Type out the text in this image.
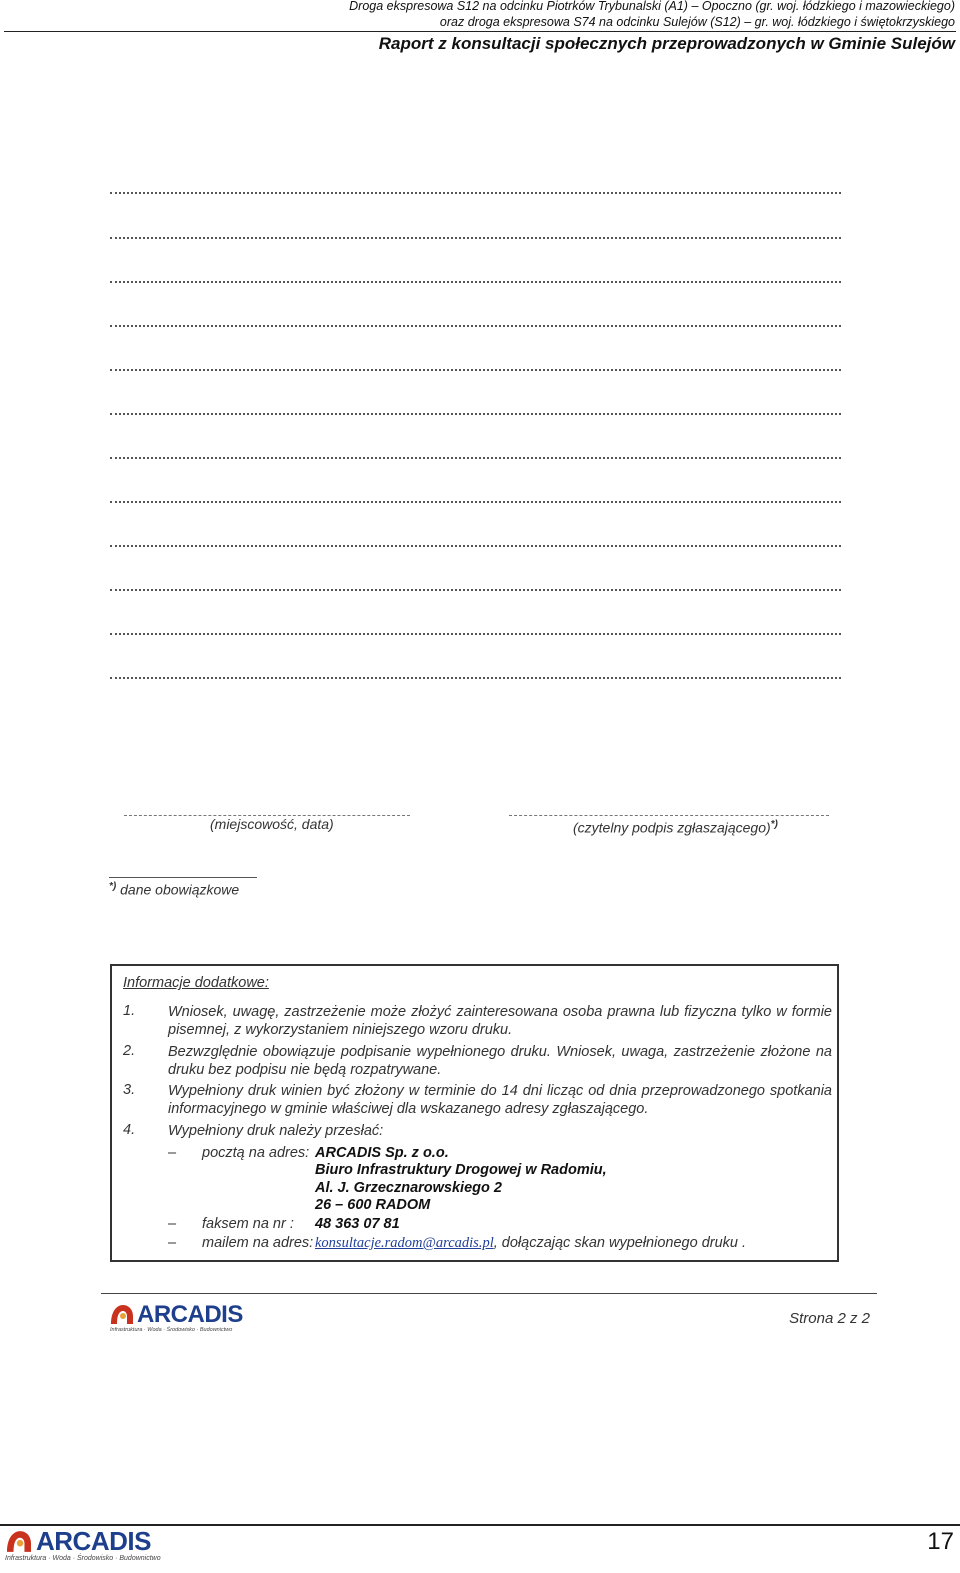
Droga ekspresowa S12 na odcinku Piotrków Trybunalski (A1) – Opoczno (gr. woj. łódzkiego i mazowieckiego)
oraz droga ekspresowa S74 na odcinku Sulejów (S12) – gr. woj. łódzkiego i świętokrzyskiego
Raport z konsultacji społecznych przeprowadzonych w Gminie Sulejów
(miejscowość, data)	(czytelny podpis zgłaszającego)*)
*) dane obowiązkowe
Informacje dodatkowe:
1. Wniosek, uwagę, zastrzeżenie może złożyć zainteresowana osoba prawna lub fizyczna tylko w formie pisemnej, z wykorzystaniem niniejszego wzoru druku.
2. Bezwzględnie obowiązuje podpisanie wypełnionego druku. Wniosek, uwaga, zastrzeżenie złożone na druku bez podpisu nie będą rozpatrywane.
3. Wypełniony druk winien być złożony w terminie do 14 dni licząc od dnia przeprowadzonego spotkania informacyjnego w gminie właściwej dla wskazanego adresy zgłaszającego.
4. Wypełniony druk należy przesłać:
– pocztą na adres: ARCADIS Sp. z o.o.
Biuro Infrastruktury Drogowej w Radomiu,
Al. J. Grzecznarowskiego 2
26 – 600 RADOM
– faksem na nr : 48 363 07 81
– mailem na adres: konsultacje.radom@arcadis.pl, dołączając skan wypełnionego druku .
ARCADIS
Infrastruktura · Woda · Środowisko · Budownictwo
Strona 2 z 2
ARCADIS
Infrastruktura · Woda · Środowisko · Budownictwo
17
